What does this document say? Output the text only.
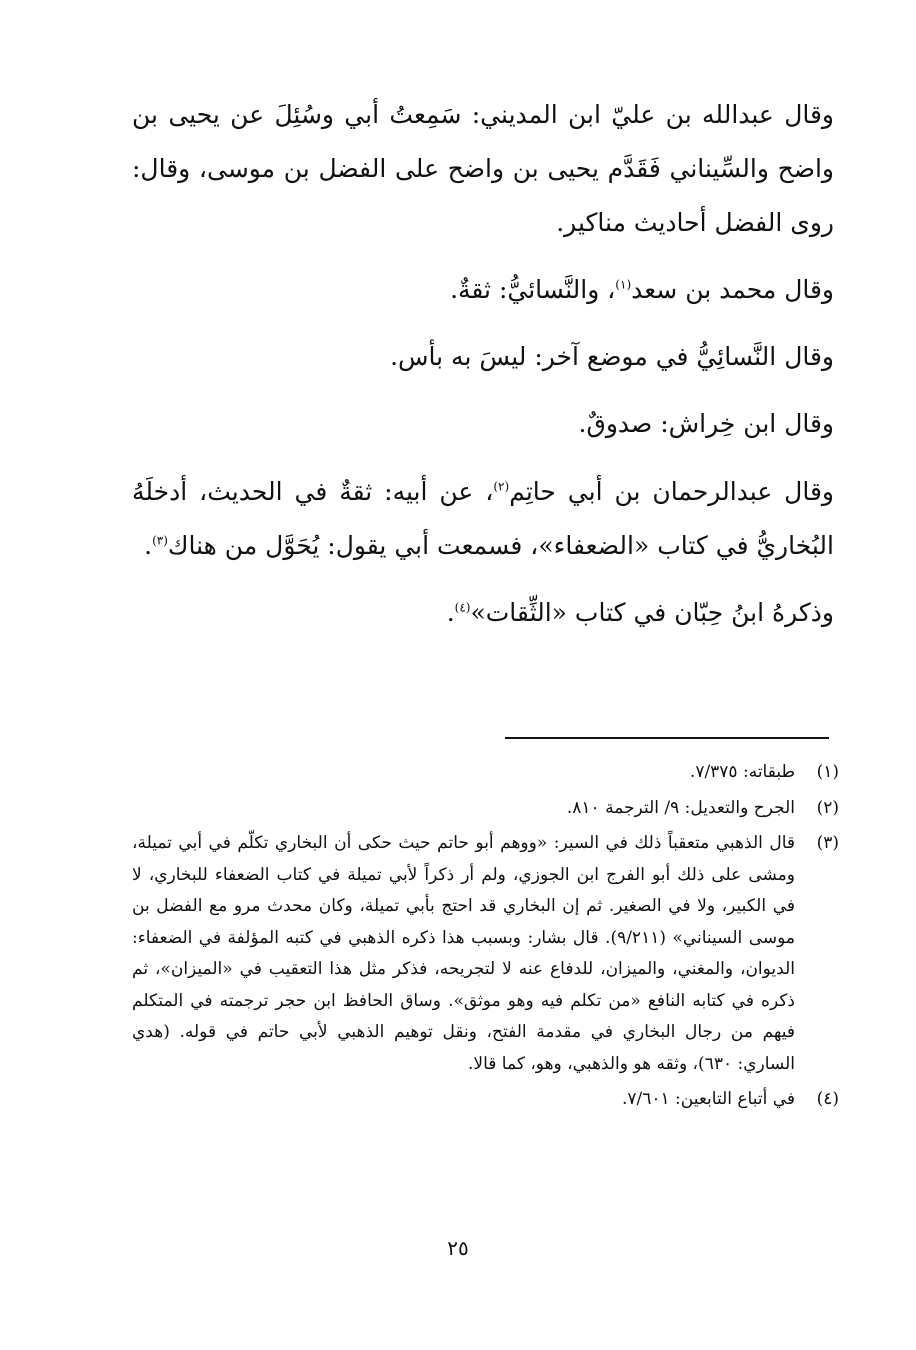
وقال عبدالله بن عليّ ابن المديني: سَمِعتُ أبي وسُئِلَ عن يحيى بن واضح والسِّيناني فَقَدَّم يحيى بن واضح على الفضل بن موسى، وقال: روى الفضل أحاديث مناكير.

وقال محمد بن سعد$^{(١)}$، والنَّسائيُّ: ثقةٌ.

وقال النَّسائِيُّ في موضع آخر: ليسَ به بأس.

وقال ابن خِراش: صدوقٌ.

وقال عبدالرحمان بن أبي حاتِم$^{(٢)}$، عن أبيه: ثقةٌ في الحديث، أدخلَهُ البُخاريُّ في كتاب «الضعفاء»، فسمعت أبي يقول: يُحَوَّل من هناك$^{(٣)}$.

وذكرهُ ابنُ حِبّان في كتاب «الثِّقات»$^{(٤)}$.

(١)
طبقاته: ٧/٣٧٥.
(٢)
الجرح والتعديل: ٩/ الترجمة ٨١٠.
(٣)
قال الذهبي متعقباً ذلك في السير: «ووهم أبو حاتم حيث حكى أن البخاري تكلّم في أبي تميلة، ومشى على ذلك أبو الفرج ابن الجوزي، ولم أر ذكراً لأبي تميلة في كتاب الضعفاء للبخاري، لا في الكبير، ولا في الصغير. ثم إن البخاري قد احتج بأبي تميلة، وكان محدث مرو مع الفضل بن موسى السيناني» (٩/٢١١). قال بشار: وبسبب هذا ذكره الذهبي في كتبه المؤلفة في الضعفاء: الديوان، والمغني، والميزان، للدفاع عنه لا لتجريحه، فذكر مثل هذا التعقيب في «الميزان»، ثم ذكره في كتابه النافع «من تكلم فيه وهو موثق». وساق الحافظ ابن حجر ترجمته في المتكلم فيهم من رجال البخاري في مقدمة الفتح، ونقل توهيم الذهبي لأبي حاتم في قوله. (هدي الساري: ٦٣٠)، وثقه هو والذهبي، وهو، كما قالا.
(٤)
في أتباع التابعين: ٧/٦٠١.
٢٥
